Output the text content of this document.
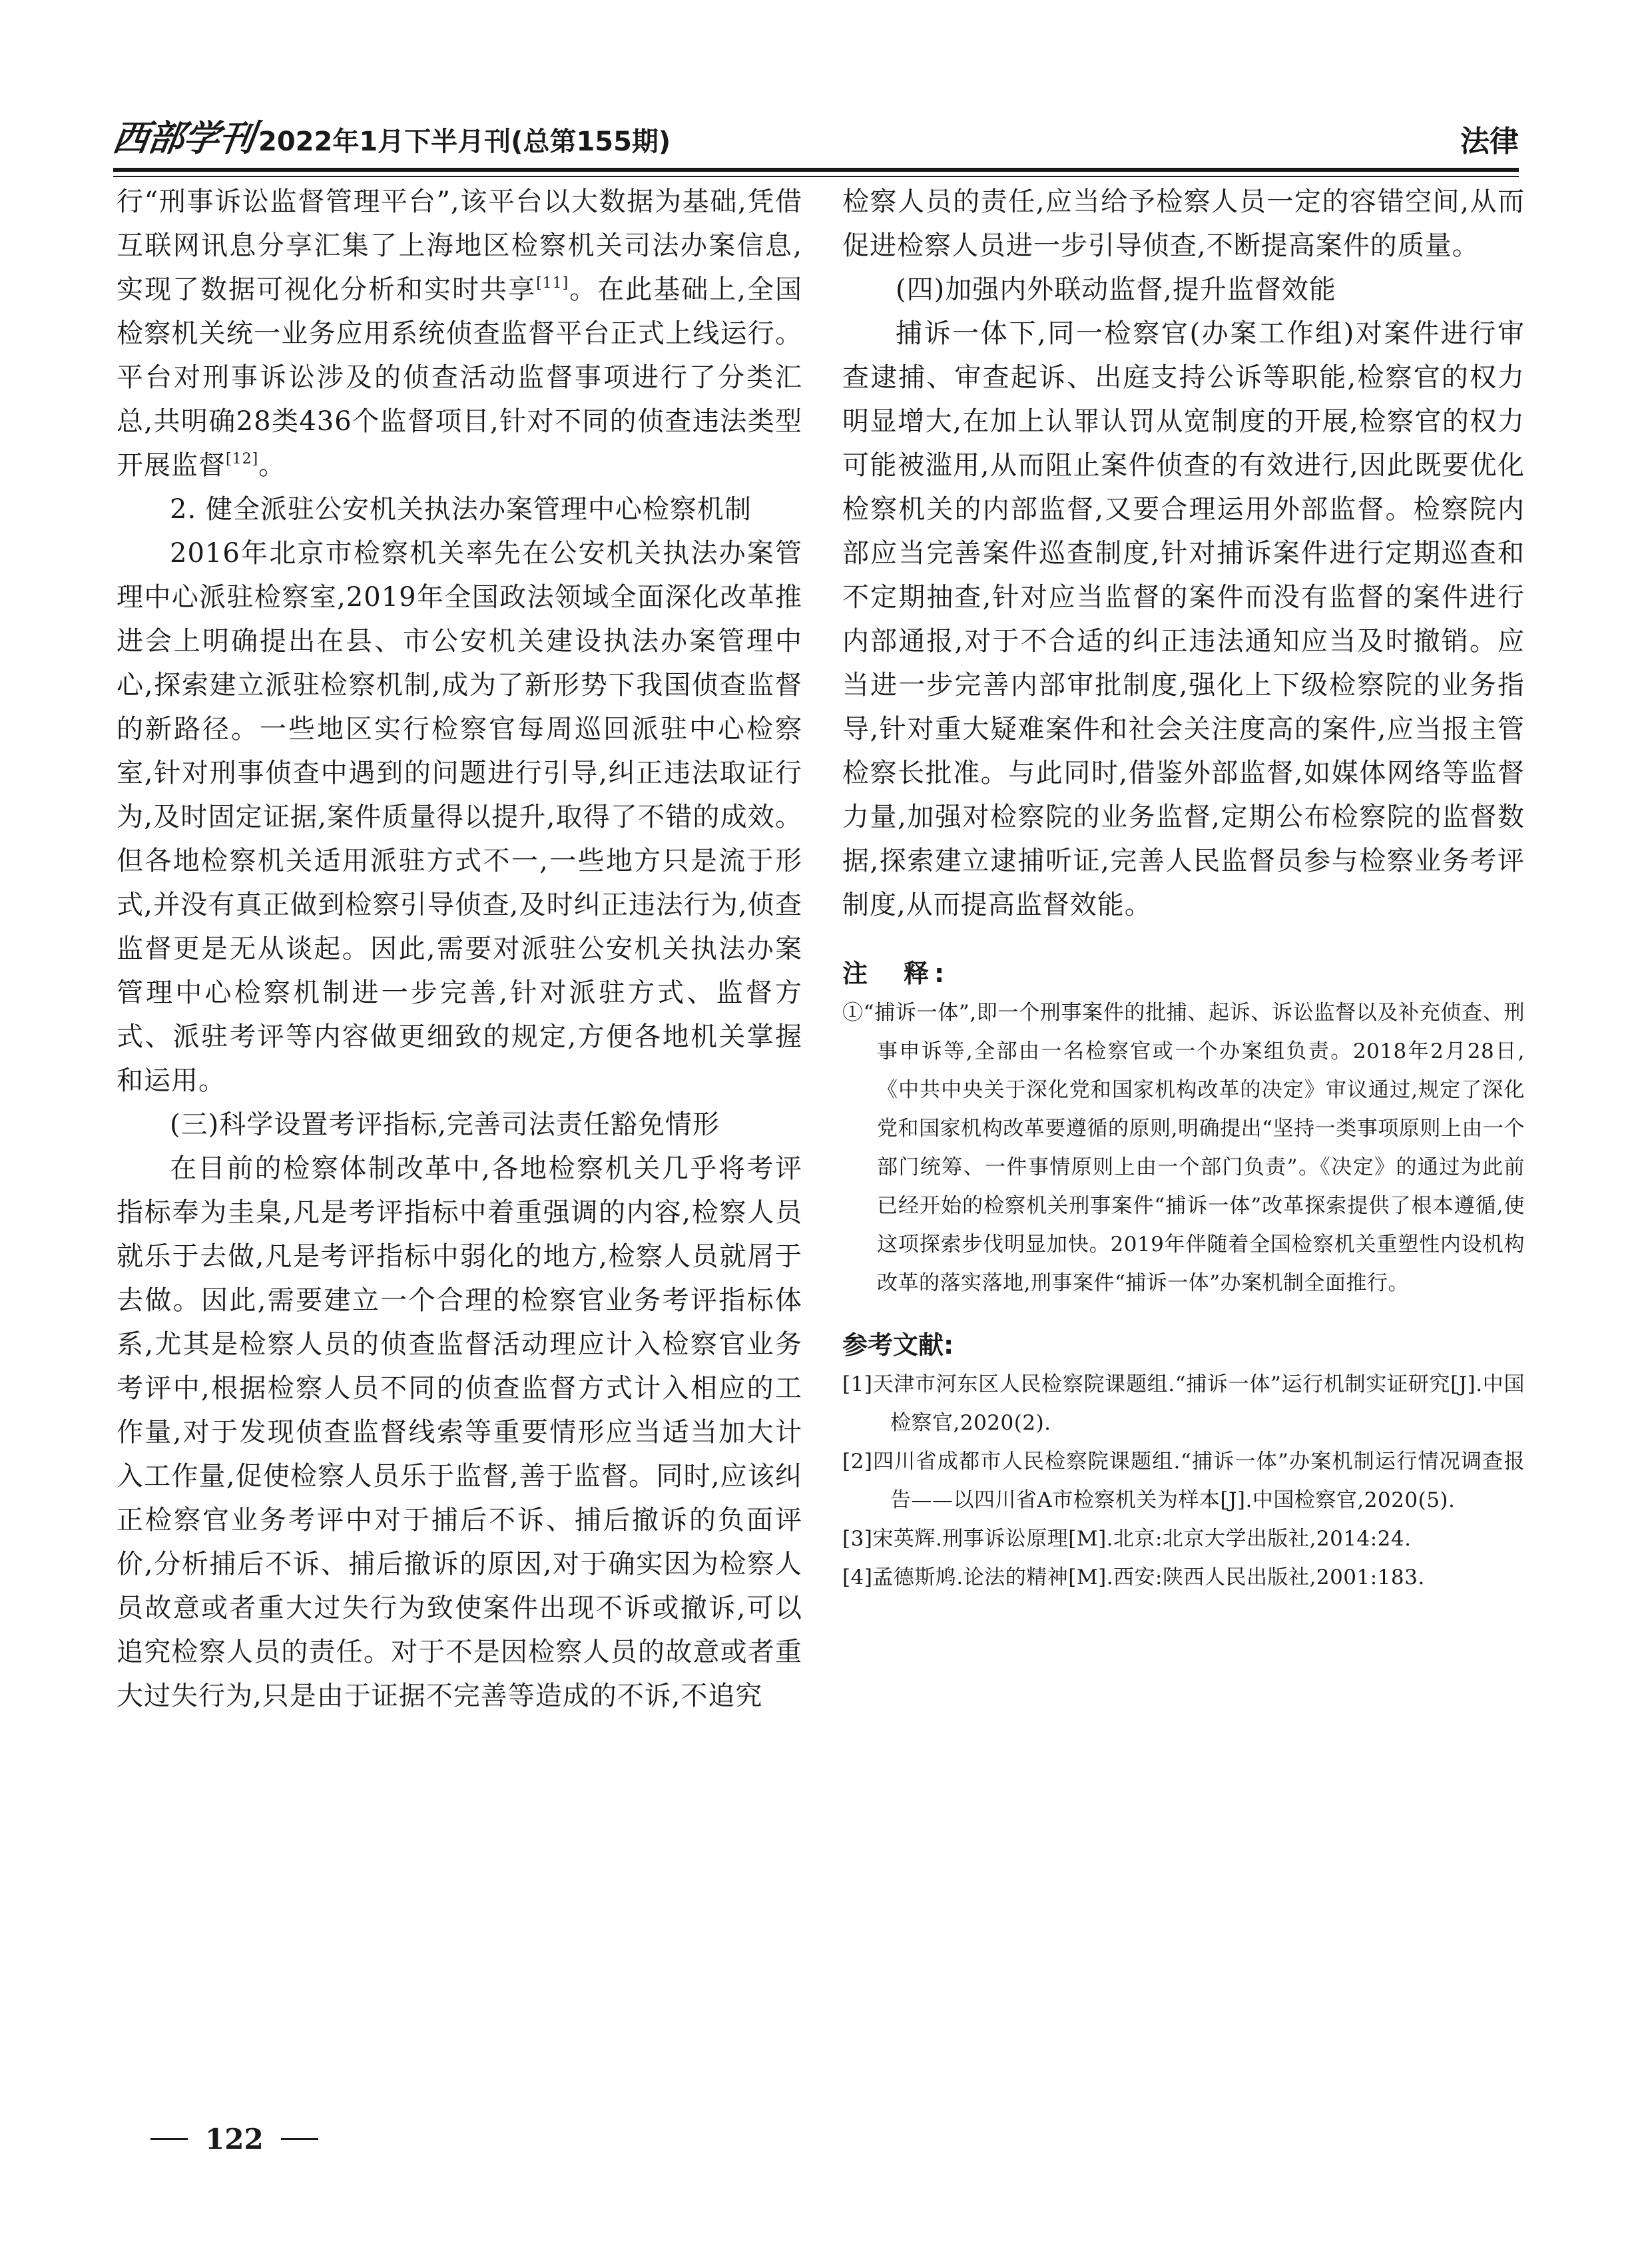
西部学刊 2022年1月下半月刊(总第155期)	法律

行“刑事诉讼监督管理平台”,该平台以大数据为基础,凭借互联网讯息分享汇集了上海地区检察机关司法办案信息,实现了数据可视化分析和实时共享[11]。在此基础上,全国检察机关统一业务应用系统侦查监督平台正式上线运行。平台对刑事诉讼涉及的侦查活动监督事项进行了分类汇总,共明确28类436个监督项目,针对不同的侦查违法类型开展监督[12]。

2. 健全派驻公安机关执法办案管理中心检察机制

2016年北京市检察机关率先在公安机关执法办案管理中心派驻检察室,2019年全国政法领域全面深化改革推进会上明确提出在县、市公安机关建设执法办案管理中心,探索建立派驻检察机制,成为了新形势下我国侦查监督的新路径。一些地区实行检察官每周巡回派驻中心检察室,针对刑事侦查中遇到的问题进行引导,纠正违法取证行为,及时固定证据,案件质量得以提升,取得了不错的成效。但各地检察机关适用派驻方式不一,一些地方只是流于形式,并没有真正做到检察引导侦查,及时纠正违法行为,侦查监督更是无从谈起。因此,需要对派驻公安机关执法办案管理中心检察机制进一步完善,针对派驻方式、监督方式、派驻考评等内容做更细致的规定,方便各地机关掌握和运用。

(三)科学设置考评指标,完善司法责任豁免情形

在目前的检察体制改革中,各地检察机关几乎将考评指标奉为圭臬,凡是考评指标中着重强调的内容,检察人员就乐于去做,凡是考评指标中弱化的地方,检察人员就屑于去做。因此,需要建立一个合理的检察官业务考评指标体系,尤其是检察人员的侦查监督活动理应计入检察官业务考评中,根据检察人员不同的侦查监督方式计入相应的工作量,对于发现侦查监督线索等重要情形应当适当加大计入工作量,促使检察人员乐于监督,善于监督。同时,应该纠正检察官业务考评中对于捕后不诉、捕后撤诉的负面评价,分析捕后不诉、捕后撤诉的原因,对于确实因为检察人员故意或者重大过失行为致使案件出现不诉或撤诉,可以追究检察人员的责任。对于不是因检察人员的故意或者重大过失行为,只是由于证据不完善等造成的不诉,不追究

检察人员的责任,应当给予检察人员一定的容错空间,从而促进检察人员进一步引导侦查,不断提高案件的质量。

(四)加强内外联动监督,提升监督效能

捕诉一体下,同一检察官(办案工作组)对案件进行审查逮捕、审查起诉、出庭支持公诉等职能,检察官的权力明显增大,在加上认罪认罚从宽制度的开展,检察官的权力可能被滥用,从而阻止案件侦查的有效进行,因此既要优化检察机关的内部监督,又要合理运用外部监督。检察院内部应当完善案件巡查制度,针对捕诉案件进行定期巡查和不定期抽查,针对应当监督的案件而没有监督的案件进行内部通报,对于不合适的纠正违法通知应当及时撤销。应当进一步完善内部审批制度,强化上下级检察院的业务指导,针对重大疑难案件和社会关注度高的案件,应当报主管检察长批准。与此同时,借鉴外部监督,如媒体网络等监督力量,加强对检察院的业务监督,定期公布检察院的监督数据,探索建立逮捕听证,完善人民监督员参与检察业务考评制度,从而提高监督效能。

注　释:

①“捕诉一体”,即一个刑事案件的批捕、起诉、诉讼监督以及补充侦查、刑事申诉等,全部由一名检察官或一个办案组负责。2018年2月28日,《中共中央关于深化党和国家机构改革的决定》审议通过,规定了深化党和国家机构改革要遵循的原则,明确提出“坚持一类事项原则上由一个部门统筹、一件事情原则上由一个部门负责”。《决定》的通过为此前已经开始的检察机关刑事案件“捕诉一体”改革探索提供了根本遵循,使这项探索步伐明显加快。2019年伴随着全国检察机关重塑性内设机构改革的落实落地,刑事案件“捕诉一体”办案机制全面推行。

参考文献:

[1]天津市河东区人民检察院课题组.“捕诉一体”运行机制实证研究[J].中国检察官,2020(2).

[2]四川省成都市人民检察院课题组.“捕诉一体”办案机制运行情况调查报告——以四川省A市检察机关为样本[J].中国检察官,2020(5).

[3]宋英辉.刑事诉讼原理[M].北京:北京大学出版社,2014:24.

[4]孟德斯鸠.论法的精神[M].西安:陕西人民出版社,2001:183.

122
